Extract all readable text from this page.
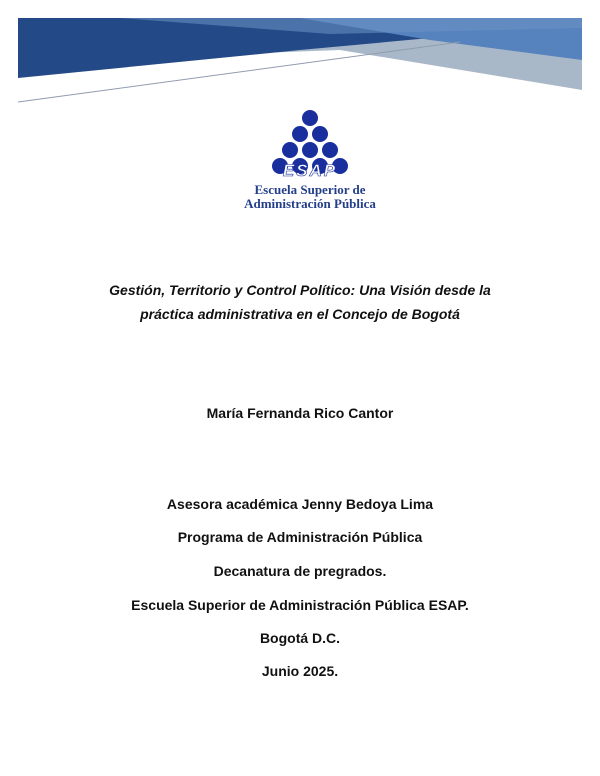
ESAP
Escuela Superior de
Administración Pública
Gestión, Territorio y Control Político: Una Visión desde la
práctica administrativa en el Concejo de Bogotá
María Fernanda Rico Cantor
Asesora académica Jenny Bedoya Lima
Programa de Administración Pública
Decanatura de pregrados.
Escuela Superior de Administración Pública ESAP.
Bogotá D.C.
Junio 2025.
